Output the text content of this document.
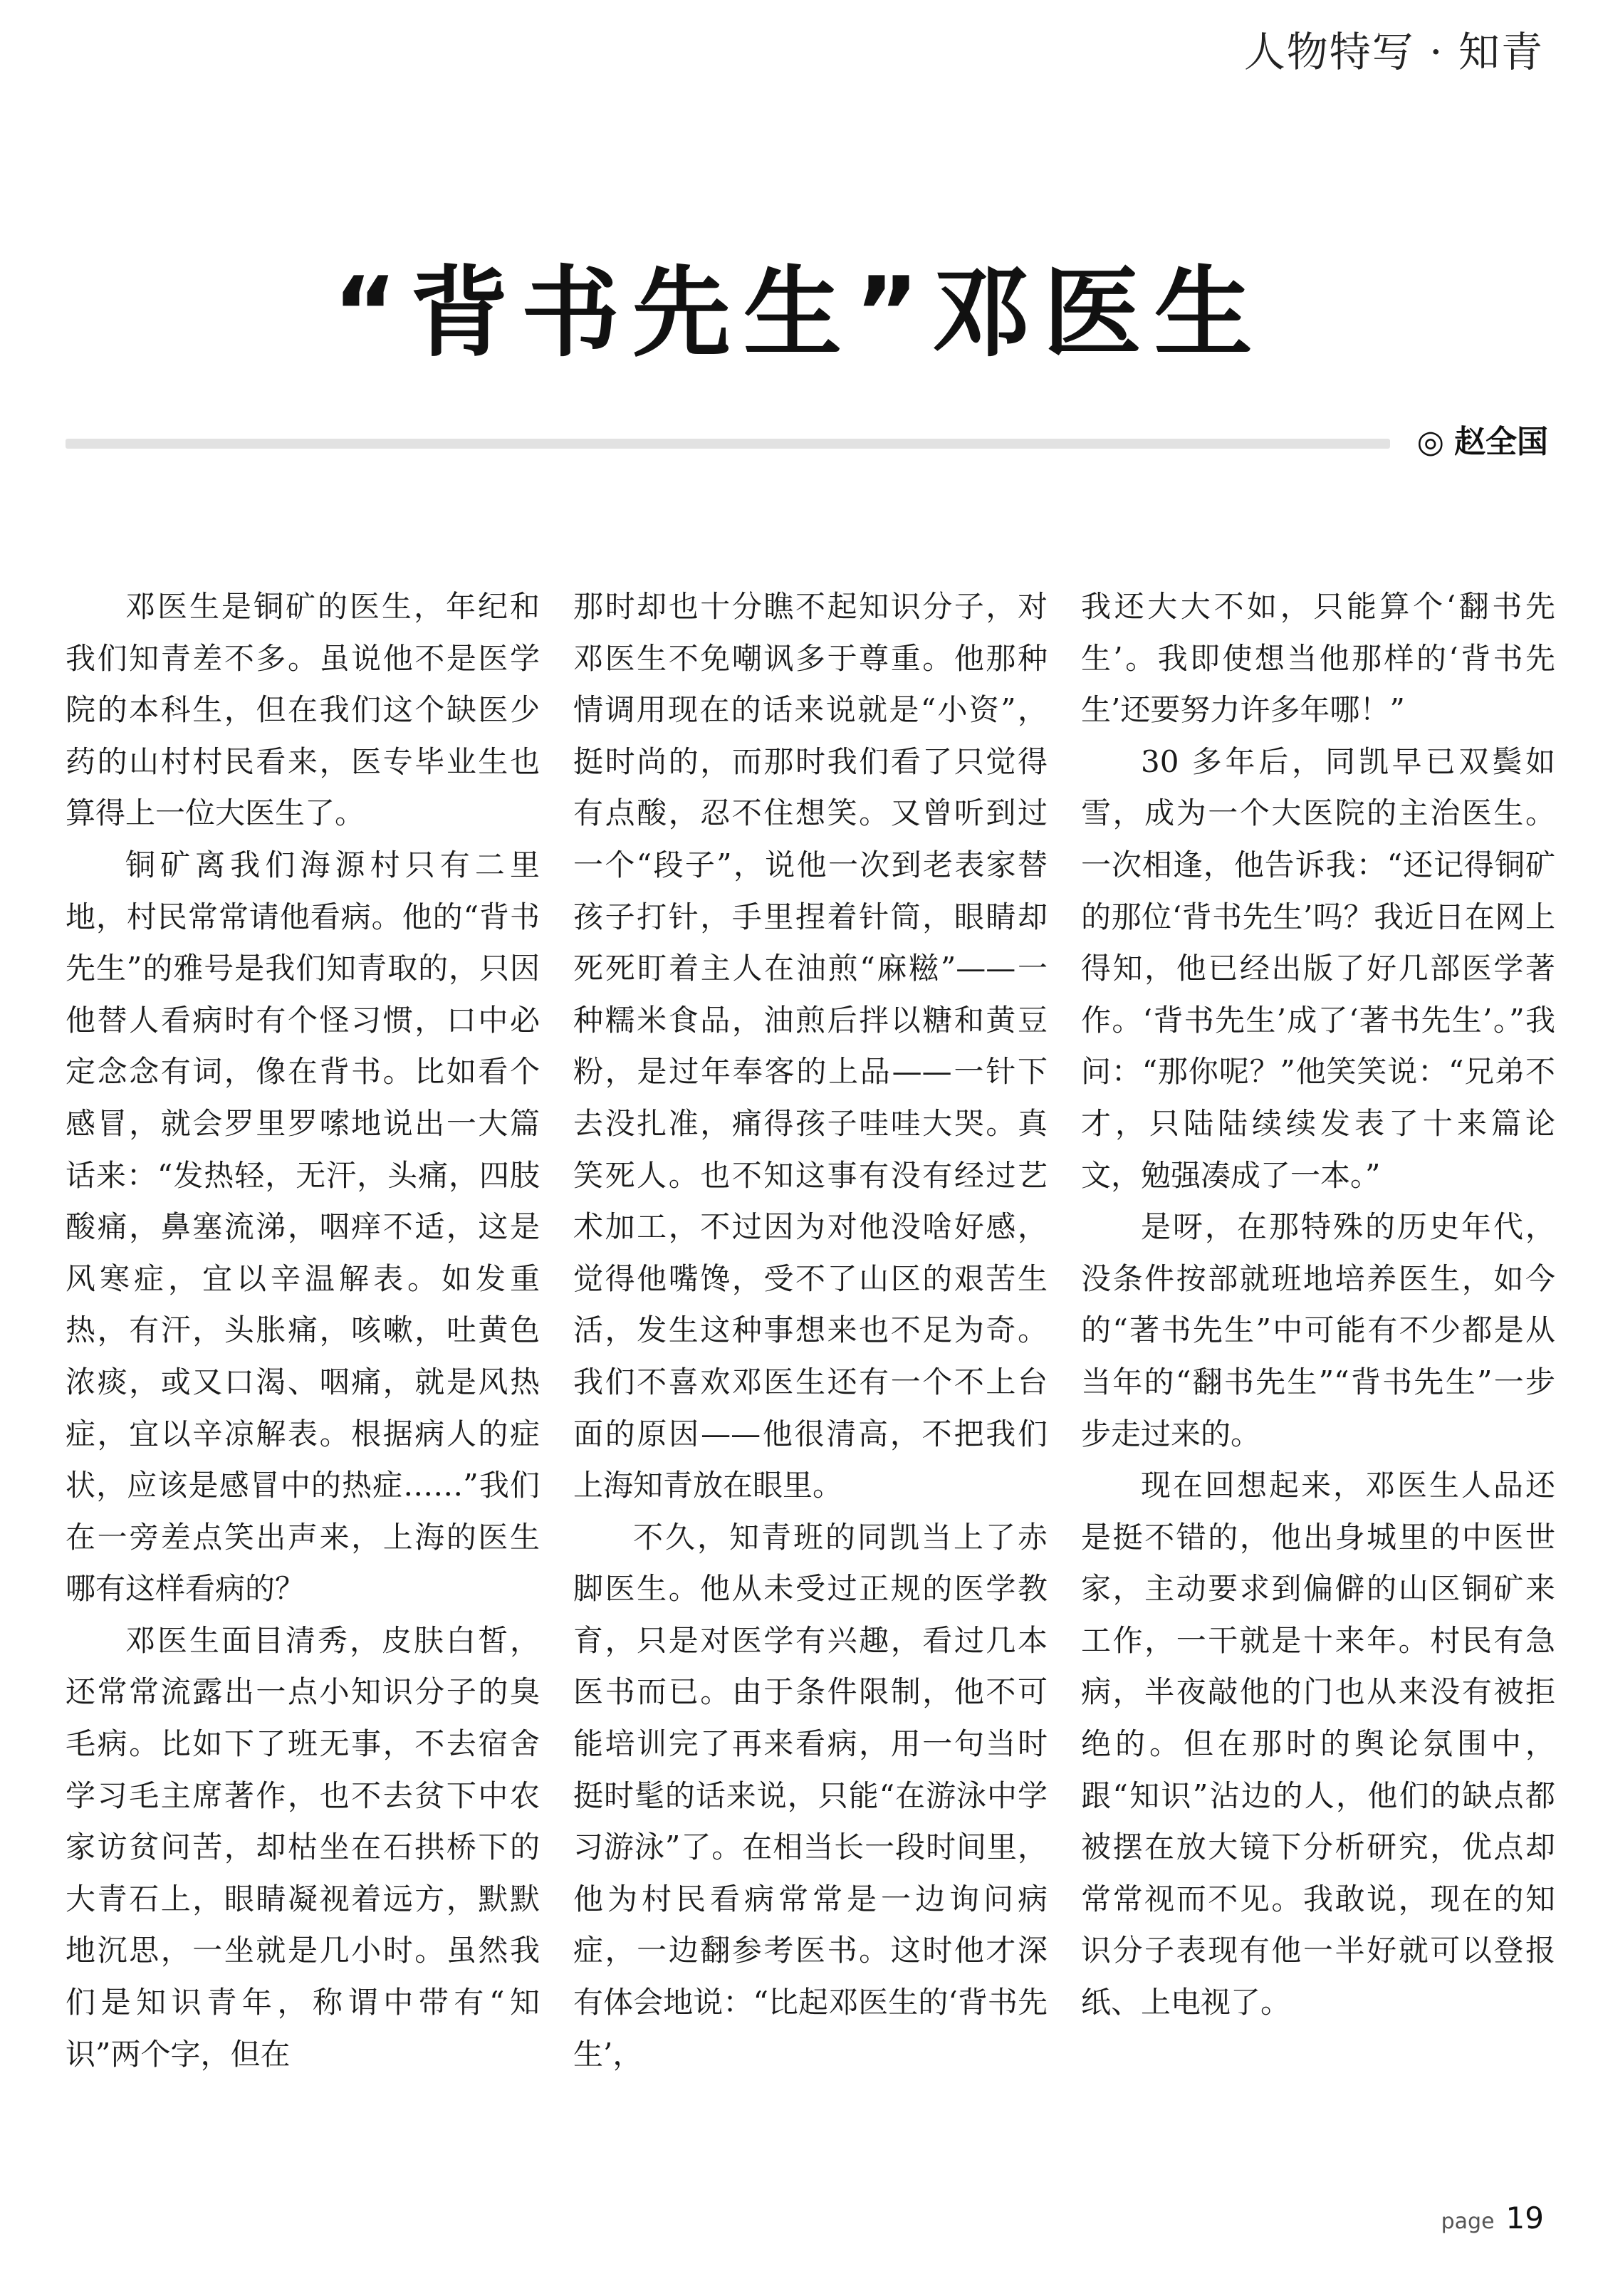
人物特写 · 知青
“背书先生”邓医生
◎ 赵全国

邓医生是铜矿的医生，年纪和我们知青差不多。虽说他不是医学院的本科生，但在我们这个缺医少药的山村村民看来，医专毕业生也算得上一位大医生了。

铜矿离我们海源村只有二里地，村民常常请他看病。他的“背书先生”的雅号是我们知青取的，只因他替人看病时有个怪习惯，口中必定念念有词，像在背书。比如看个感冒，就会罗里罗嗦地说出一大篇话来：“发热轻，无汗，头痛，四肢酸痛，鼻塞流涕，咽痒不适，这是风寒症，宜以辛温解表。如发重热，有汗，头胀痛，咳嗽，吐黄色浓痰，或又口渴、咽痛，就是风热症，宜以辛凉解表。根据病人的症状，应该是感冒中的热症……”我们在一旁差点笑出声来，上海的医生哪有这样看病的？

邓医生面目清秀，皮肤白皙，还常常流露出一点小知识分子的臭毛病。比如下了班无事，不去宿舍学习毛主席著作，也不去贫下中农家访贫问苦，却枯坐在石拱桥下的大青石上，眼睛凝视着远方，默默地沉思，一坐就是几小时。虽然我们是知识青年，称谓中带有“知识”两个字，但在

那时却也十分瞧不起知识分子，对邓医生不免嘲讽多于尊重。他那种情调用现在的话来说就是“小资”，挺时尚的，而那时我们看了只觉得有点酸，忍不住想笑。又曾听到过一个“段子”，说他一次到老表家替孩子打针，手里捏着针筒，眼睛却死死盯着主人在油煎“麻糍”——一种糯米食品，油煎后拌以糖和黄豆粉，是过年奉客的上品——一针下去没扎准，痛得孩子哇哇大哭。真笑死人。也不知这事有没有经过艺术加工，不过因为对他没啥好感，觉得他嘴馋，受不了山区的艰苦生活，发生这种事想来也不足为奇。我们不喜欢邓医生还有一个不上台面的原因——他很清高，不把我们上海知青放在眼里。

不久，知青班的同凯当上了赤脚医生。他从未受过正规的医学教育，只是对医学有兴趣，看过几本医书而已。由于条件限制，他不可能培训完了再来看病，用一句当时挺时髦的话来说，只能“在游泳中学习游泳”了。在相当长一段时间里，他为村民看病常常是一边询问病症，一边翻参考医书。这时他才深有体会地说：“比起邓医生的‘背书先生’，

我还大大不如，只能算个‘翻书先生’。我即使想当他那样的‘背书先生’还要努力许多年哪！”

30 多年后，同凯早已双鬓如雪，成为一个大医院的主治医生。一次相逢，他告诉我：“还记得铜矿的那位‘背书先生’吗？我近日在网上得知，他已经出版了好几部医学著作。‘背书先生’成了‘著书先生’。”我问：“那你呢？”他笑笑说：“兄弟不才，只陆陆续续发表了十来篇论文，勉强凑成了一本。”

是呀，在那特殊的历史年代，没条件按部就班地培养医生，如今的“著书先生”中可能有不少都是从当年的“翻书先生”“背书先生”一步步走过来的。

现在回想起来，邓医生人品还是挺不错的，他出身城里的中医世家，主动要求到偏僻的山区铜矿来工作，一干就是十来年。村民有急病，半夜敲他的门也从来没有被拒绝的。但在那时的舆论氛围中，跟“知识”沾边的人，他们的缺点都被摆在放大镜下分析研究，优点却常常视而不见。我敢说，现在的知识分子表现有他一半好就可以登报纸、上电视了。

page 19
